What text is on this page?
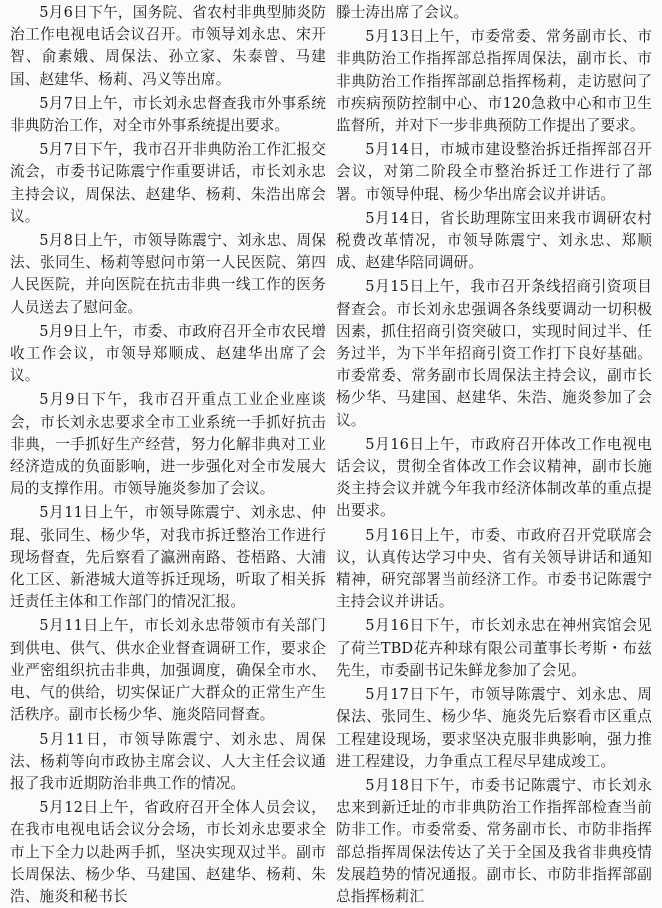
5月6日下午，国务院、省农村非典型肺炎防治工作电视电话会议召开。市领导刘永忠、宋开智、俞素娥、周保法、孙立家、朱泰曾、马建国、赵建华、杨莉、冯义等出席。

5月7日上午，市长刘永忠督查我市外事系统非典防治工作，对全市外事系统提出要求。

5月7日下午，我市召开非典防治工作汇报交流会，市委书记陈震宁作重要讲话，市长刘永忠主持会议，周保法、赵建华、杨莉、朱浩出席会议。

5月8日上午，市领导陈震宁、刘永忠、周保法、张同生、杨莉等慰问市第一人民医院、第四人民医院，并向医院在抗击非典一线工作的医务人员送去了慰问金。

5月9日上午，市委、市政府召开全市农民增收工作会议，市领导郑顺成、赵建华出席了会议。

5月9日下午，我市召开重点工业企业座谈会，市长刘永忠要求全市工业系统一手抓好抗击非典，一手抓好生产经营，努力化解非典对工业经济造成的负面影响，进一步强化对全市发展大局的支撑作用。市领导施炎参加了会议。

5月11日上午，市领导陈震宁、刘永忠、仲琨、张同生、杨少华，对我市拆迁整治工作进行现场督查，先后察看了瀛洲南路、苍梧路、大浦化工区、新港城大道等拆迁现场，听取了相关拆迁责任主体和工作部门的情况汇报。

5月11日上午，市长刘永忠带领市有关部门到供电、供气、供水企业督查调研工作，要求企业严密组织抗击非典，加强调度，确保全市水、电、气的供给，切实保证广大群众的正常生产生活秩序。副市长杨少华、施炎陪同督查。

5月11日，市领导陈震宁、刘永忠、周保法、杨莉等向市政协主席会议、人大主任会议通报了我市近期防治非典工作的情况。

5月12日上午，省政府召开全体人员会议，在我市电视电话会议分会场，市长刘永忠要求全市上下全力以赴两手抓，坚决实现双过半。副市长周保法、杨少华、马建国、赵建华、杨莉、朱浩、施炎和秘书长

滕士涛出席了会议。

5月13日上午，市委常委、常务副市长、市非典防治工作指挥部总指挥周保法，副市长、市非典防治工作指挥部副总指挥杨莉，走访慰问了市疾病预防控制中心、市120急救中心和市卫生监督所，并对下一步非典预防工作提出了要求。

5月14日，市城市建设整治拆迁指挥部召开会议，对第二阶段全市整治拆迁工作进行了部署。市领导仲琨、杨少华出席会议并讲话。

5月14日，省长助理陈宝田来我市调研农村税费改革情况，市领导陈震宁、刘永忠、郑顺成、赵建华陪同调研。

5月15日上午，我市召开条线招商引资项目督查会。市长刘永忠强调各条线要调动一切积极因素，抓住招商引资突破口，实现时间过半、任务过半，为下半年招商引资工作打下良好基础。市委常委、常务副市长周保法主持会议，副市长杨少华、马建国、赵建华、朱浩、施炎参加了会议。

5月16日上午，市政府召开体改工作电视电话会议，贯彻全省体改工作会议精神，副市长施炎主持会议并就今年我市经济体制改革的重点提出要求。

5月16日上午，市委、市政府召开党联席会议，认真传达学习中央、省有关领导讲话和通知精神，研究部署当前经济工作。市委书记陈震宁主持会议并讲话。

5月16日下午，市长刘永忠在神州宾馆会见了荷兰TBD花卉种球有限公司董事长考斯・布兹先生，市委副书记朱鲜龙参加了会见。

5月17日下午，市领导陈震宁、刘永忠、周保法、张同生、杨少华、施炎先后察看市区重点工程建设现场，要求坚决克服非典影响，强力推进工程建设，力争重点工程尽早建成竣工。

5月18日下午，市委书记陈震宁、市长刘永忠来到新迁址的市非典防治工作指挥部检查当前防非工作。市委常委、常务副市长、市防非指挥部总指挥周保法传达了关于全国及我省非典疫情发展趋势的情况通报。副市长、市防非指挥部副总指挥杨莉汇
